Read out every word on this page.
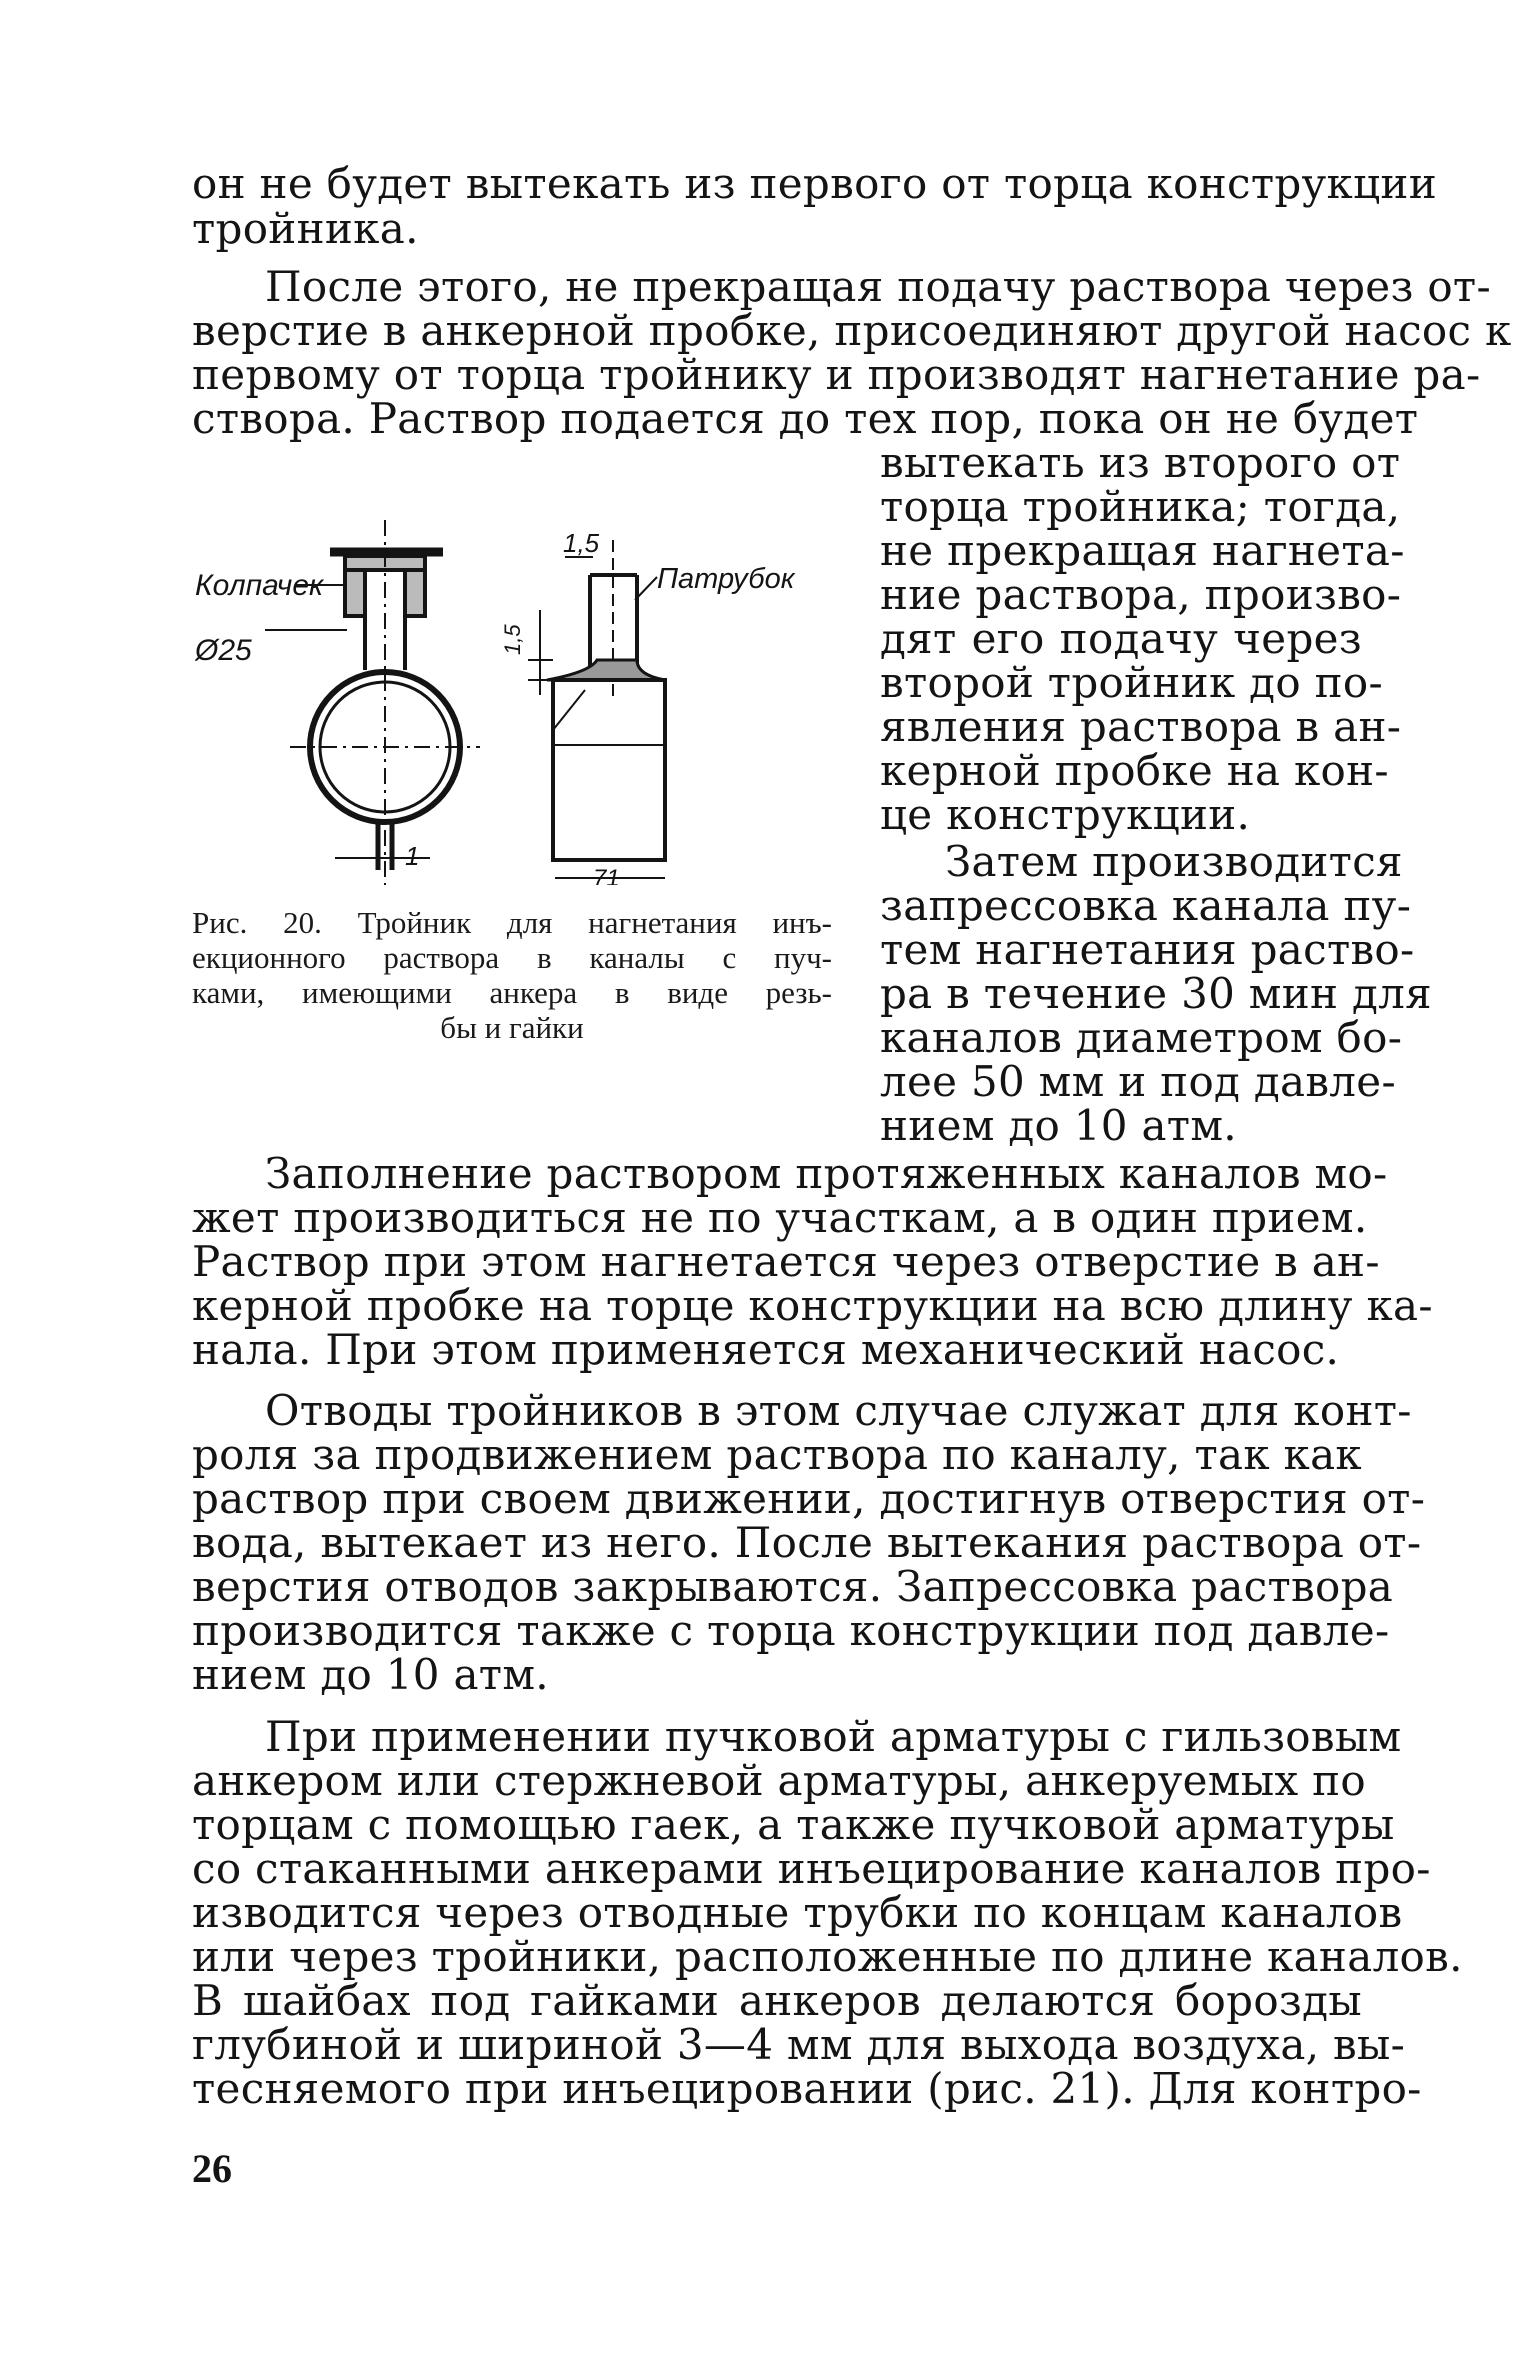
он не будет вытекать из первого от торца конструкции
тройника.
После этого, не прекращая подачу раствора через от-
верстие в анкерной пробке, присоединяют другой насос к
первому от торца тройнику и производят нагнетание ра-
створа. Раствор подается до тех пор, пока он не будет
вытекать из второго от
торца тройника; тогда,
не прекращая нагнета-
ние раствора, произво-
дят его подачу через
второй тройник до по-
явления раствора в ан-
керной пробке на кон-
це конструкции.
Затем производится
запрессовка канала пу-
тем нагнетания раство-
ра в течение 30 мин для
каналов диаметром бо-
лее 50 мм и под давле-
нием до 10 атм.
Колпачек	Патрубок
Ø25
1,5
1,5
1
71
Рис. 20. Тройник для нагнетания инъ-
екционного раствора в каналы с пуч-
ками, имеющими анкера в виде резь-
бы и гайки
Заполнение раствором протяженных каналов мо-
жет производиться не по участкам, а в один прием.
Раствор при этом нагнетается через отверстие в ан-
керной пробке на торце конструкции на всю длину ка-
нала. При этом применяется механический насос.
Отводы тройников в этом случае служат для конт-
роля за продвижением раствора по каналу, так как
раствор при своем движении, достигнув отверстия от-
вода, вытекает из него. После вытекания раствора от-
верстия отводов закрываются. Запрессовка раствора
производится также с торца конструкции под давле-
нием до 10 атм.
При применении пучковой арматуры с гильзовым
анкером или стержневой арматуры, анкеруемых по
торцам с помощью гаек, а также пучковой арматуры
со стаканными анкерами инъецирование каналов про-
изводится через отводные трубки по концам каналов
или через тройники, расположенные по длине каналов.
В шайбах под гайками анкеров делаются борозды
глубиной и шириной 3—4 мм для выхода воздуха, вы-
тесняемого при инъецировании (рис. 21). Для контро-
26
